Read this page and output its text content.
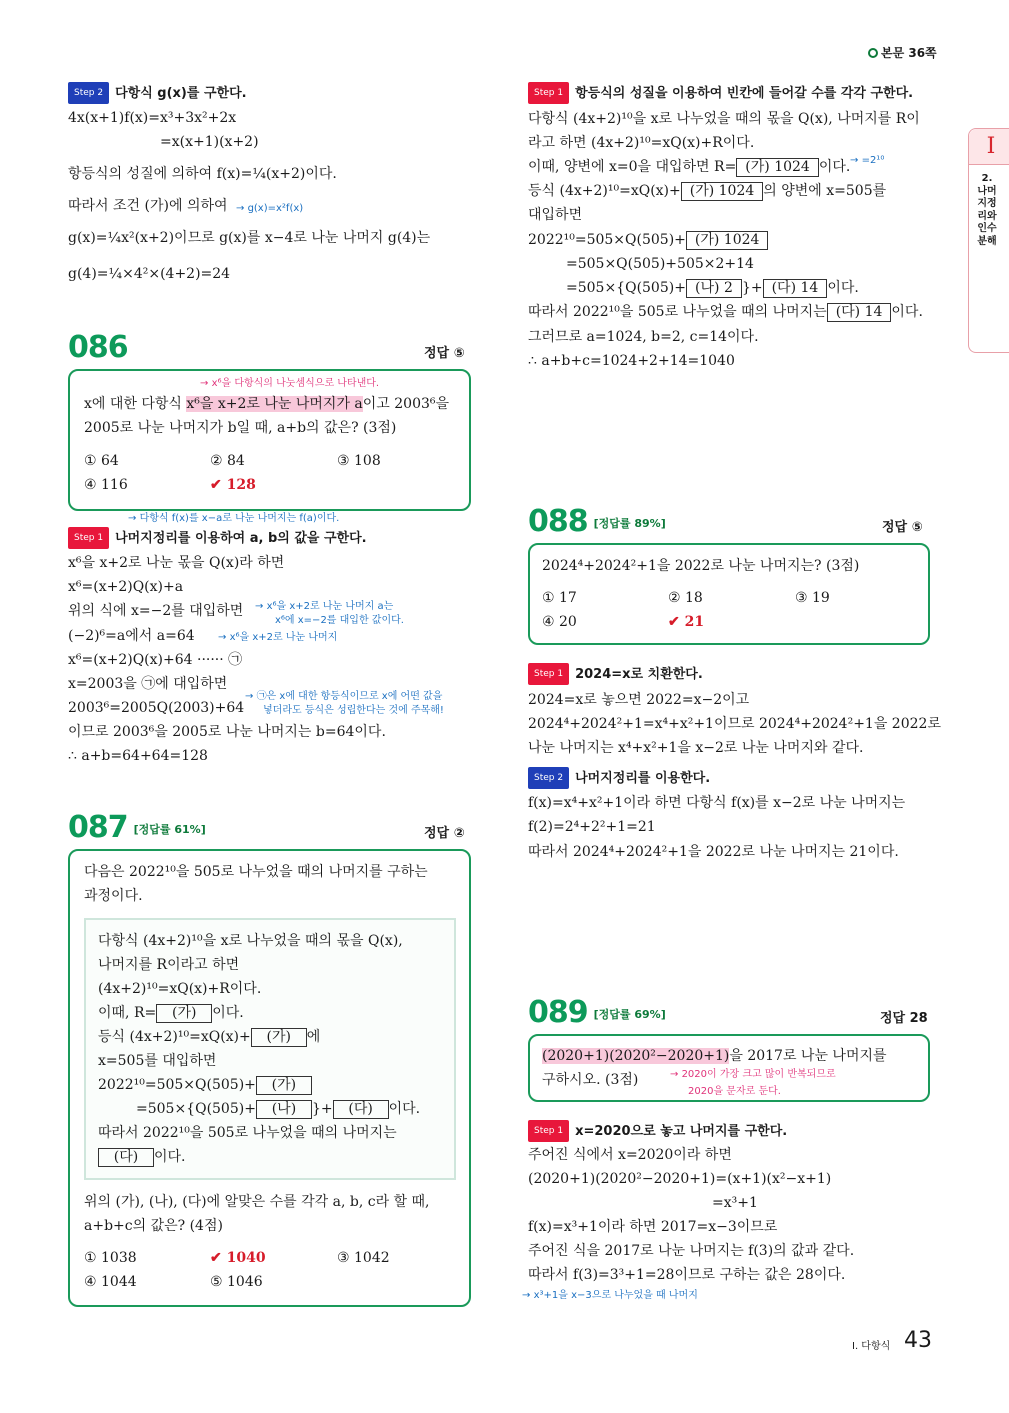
본문 36쪽
I
2.나머지정리와인수분해
Step 2 다항식 g(x)를 구한다.
4x(x+1)f(x)=x³+3x²+2x
=x(x+1)(x+2)
항등식의 성질에 의하여 f(x)=¼(x+2)이다.
따라서 조건 (가)에 의하여 → g(x)=x²f(x)
g(x)=¼x²(x+2)이므로 g(x)를 x−4로 나눈 나머지 g(4)는
g(4)=¼×4²×(4+2)=24
086	정답 ⑤
→ x⁶을 다항식의 나눗셈식으로 나타낸다.
x에 대한 다항식 x⁶을 x+2로 나눈 나머지가 a이고 2003⁶을
2005로 나눈 나머지가 b일 때, a+b의 값은? (3점)
① 64	② 84	③ 108
④ 116	✔ 128
→ 다항식 f(x)를 x−a로 나눈 나머지는 f(a)이다.
Step 1 나머지정리를 이용하여 a, b의 값을 구한다.
x⁶을 x+2로 나눈 몫을 Q(x)라 하면
x⁶=(x+2)Q(x)+a
위의 식에 x=−2를 대입하면 → x⁶을 x+2로 나눈 나머지 a는
x⁶에 x=−2를 대입한 값이다.
(−2)⁶=a에서 a=64 → x⁶을 x+2로 나눈 나머지
x⁶=(x+2)Q(x)+64 ······ ㉠
x=2003을 ㉠에 대입하면
2003⁶=2005Q(2003)+64
→ ㉠은 x에 대한 항등식이므로 x에 어떤 값을
넣더라도 등식은 성립한다는 것에 주목해!
이므로 2003⁶을 2005로 나눈 나머지는 b=64이다.
∴ a+b=64+64=128
087 [정답률 61%]	정답 ②
다음은 2022¹⁰을 505로 나누었을 때의 나머지를 구하는
과정이다.
다항식 (4x+2)¹⁰을 x로 나누었을 때의 몫을 Q(x),
나머지를 R이라고 하면
(4x+2)¹⁰=xQ(x)+R이다.
이때, R= (가) 이다.
등식 (4x+2)¹⁰=xQ(x)+ (가) 에
x=505를 대입하면
2022¹⁰=505×Q(505)+ (가)
=505×{Q(505)+ (나) }+ (다) 이다.
따라서 2022¹⁰을 505로 나누었을 때의 나머지는
(다) 이다.
위의 (가), (나), (다)에 알맞은 수를 각각 a, b, c라 할 때,
a+b+c의 값은? (4점)
① 1038	✔ 1040	③ 1042
④ 1044	⑤ 1046
Step 1 항등식의 성질을 이용하여 빈칸에 들어갈 수를 각각 구한다.
다항식 (4x+2)¹⁰을 x로 나누었을 때의 몫을 Q(x), 나머지를 R이
라고 하면 (4x+2)¹⁰=xQ(x)+R이다.
이때, 양변에 x=0을 대입하면 R= (가) 1024 이다. → =2¹⁰
등식 (4x+2)¹⁰=xQ(x)+ (가) 1024 의 양변에 x=505를
대입하면
2022¹⁰=505×Q(505)+ (가) 1024
=505×Q(505)+505×2+14
=505×{Q(505)+ (나) 2 }+ (다) 14 이다.
따라서 2022¹⁰을 505로 나누었을 때의 나머지는 (다) 14 이다.
그러므로 a=1024, b=2, c=14이다.
∴ a+b+c=1024+2+14=1040
088 [정답률 89%]	정답 ⑤
2024⁴+2024²+1을 2022로 나눈 나머지는? (3점)
① 17	② 18	③ 19
④ 20	✔ 21
Step 1 2024=x로 치환한다.
2024=x로 놓으면 2022=x−2이고
2024⁴+2024²+1=x⁴+x²+1이므로 2024⁴+2024²+1을 2022로
나눈 나머지는 x⁴+x²+1을 x−2로 나눈 나머지와 같다.
Step 2 나머지정리를 이용한다.
f(x)=x⁴+x²+1이라 하면 다항식 f(x)를 x−2로 나눈 나머지는
f(2)=2⁴+2²+1=21
따라서 2024⁴+2024²+1을 2022로 나눈 나머지는 21이다.
089 [정답률 69%]	정답 28
(2020+1)(2020²−2020+1)을 2017로 나눈 나머지를
구하시오. (3점)	→ 2020이 가장 크고 많이 반복되므로
2020을 문자로 둔다.
Step 1 x=2020으로 놓고 나머지를 구한다.
주어진 식에서 x=2020이라 하면
(2020+1)(2020²−2020+1)=(x+1)(x²−x+1)
=x³+1
f(x)=x³+1이라 하면 2017=x−3이므로
주어진 식을 2017로 나눈 나머지는 f(3)의 값과 같다.
따라서 f(3)=3³+1=28이므로 구하는 값은 28이다.
→ x³+1을 x−3으로 나누었을 때 나머지
I. 다항식 43
